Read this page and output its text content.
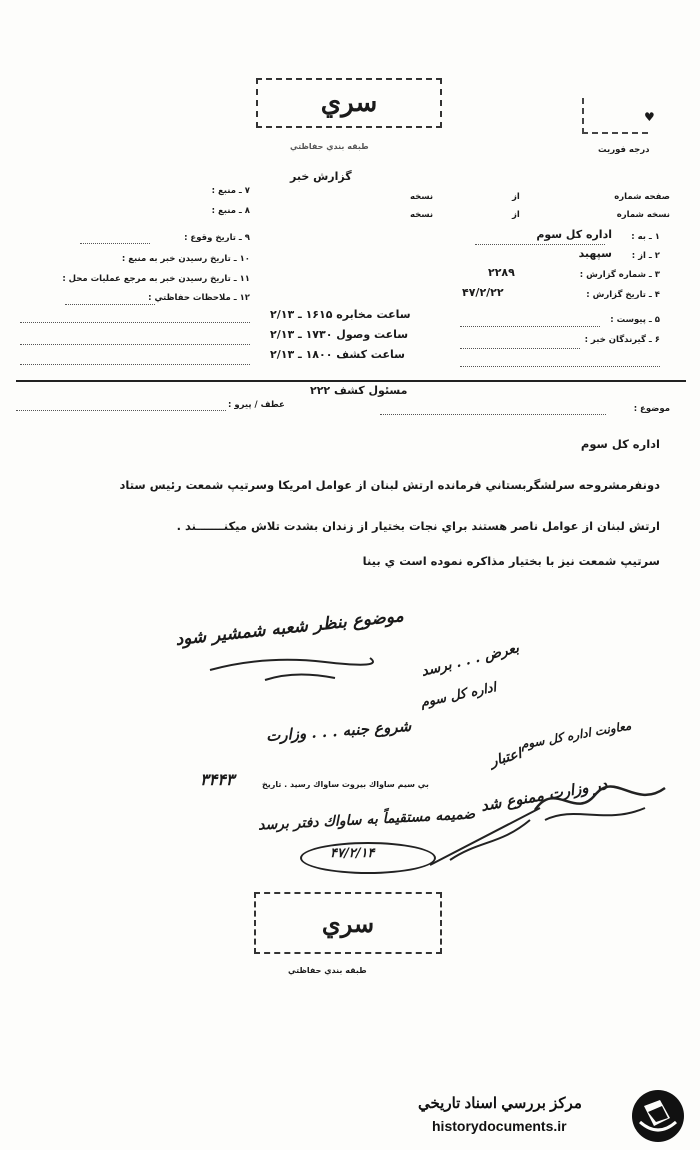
سري
طبقه بندي حفاظتي
♥
درجه فوريت
گزارش خبر
۷ ـ منبع :
۸ ـ منبع :
۹ ـ تاريخ وقوع :
۱۰ ـ تاريخ رسيدن خبر به منبع :
۱۱ ـ تاريخ رسيدن خبر به مرجع عمليات محل :
۱۲ ـ ملاحظات حفاظتي :
صفحه شماره
نسخه شماره
از
از
نسخه
نسخه
۱ ـ به :
اداره كل سوم
۲ ـ از :
سپهبد
۳ ـ شماره گزارش :
۲۲۸۹
۴ ـ تاريخ گزارش :
۴۷/۲/۲۲
۵ ـ پيوست :
۶ ـ گيرندگان خبر :
ساعت مخابره ۱۶۱۵ ـ ۲/۱۳
ساعت وصول ۱۷۳۰ ـ ۲/۱۳
ساعت كشف ۱۸۰۰ ـ ۲/۱۳
مسئول كشف ۲۲۲
موضوع :
عطف / پيرو :
اداره كل سوم
دونفرمشروحه سرلشگربستاني فرمانده ارتش لبنان از عوامل امريكا وسرتيپ شمعت رئيس ستاد
ارتش لبنان از عوامل ناصر هستند براي نجات بختيار از زندان بشدت تلاش ميكنـــــــند .
سرتيپ شمعت نيز با بختيار مذاكره نموده است ي بينا
موضوع بنظر شعبه شمشير شود
بعرض . . . برسد
اداره كل سوم
شروع جنبه . . . وزارت	معاونت اداره كل سوم
اعتبار
در وزارت ممنوع شد
بي سيم ساواك بيروت ساواك رسيد . تاريخ
۳۴۴۳
ضميمه مستقيماً به ساواك دفتر برسد
۴۷/۲/۱۴
سري
طبقه بندي حفاظتي
مركز بررسي اسناد تاريخي
historydocuments.ir
